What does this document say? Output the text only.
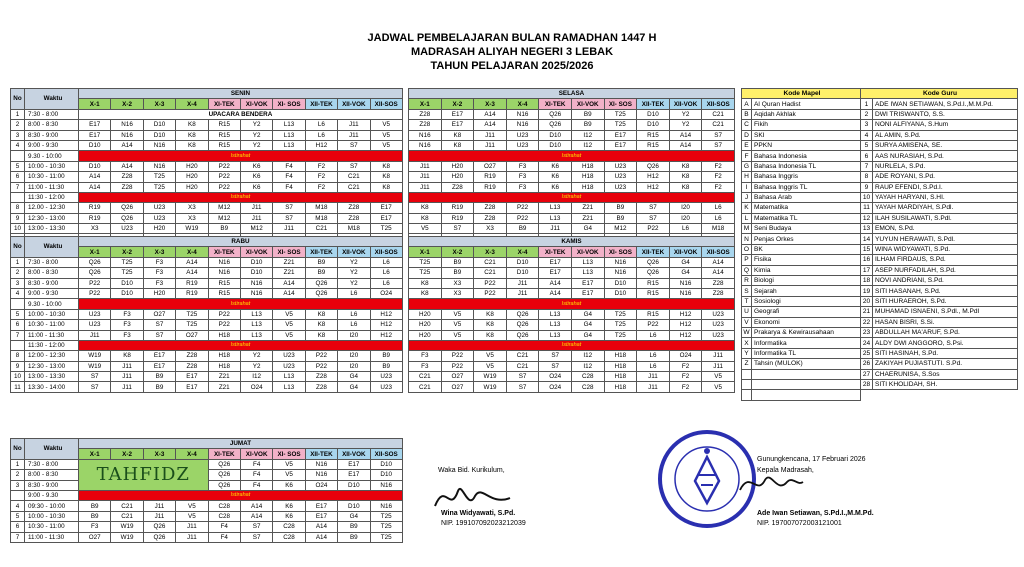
JADWAL PEMBELAJARAN BULAN RAMADHAN 1447 H
MADRASAH ALIYAH NEGERI 3 LEBAK
TAHUN PELAJARAN 2025/2026
No	Waktu	SENIN									
		X-1	X-2	X-3	X-4	XI-TEK	XI-VOK	XI- SOS	XII-TEK	XII-VOK	XII-SOS
1	7:30 - 8:00	UPACARA BENDERA									
2	8:00 - 8:30	E17	N16	D10	K8	R15	Y2	L13	L6	J11	V5
3	8:30 - 9:00	E17	N16	D10	K8	R15	Y2	L13	L6	J11	V5
4	9:00 - 9:30	D10	A14	N16	K8	R15	Y2	L13	H12	S7	V5
	9.30 - 10:00	Istirahat									
5	10:00 - 10:30	D10	A14	N16	H20	P22	K6	F4	F2	S7	K8
6	10:30 - 11:00	A14	Z28	T25	H20	P22	K6	F4	F2	C21	K8
7	11:00 - 11:30	A14	Z28	T25	H20	P22	K6	F4	F2	C21	K8
	11:30 - 12:00	Istirahat									
8	12.00 - 12:30	R19	Q26	U23	X3	M12	J11	S7	M18	Z28	E17
9	12:30 - 13:00	R19	Q26	U23	X3	M12	J11	S7	M18	Z28	E17
10	13:00 - 13:30	X3	U23	H20	W19	B9	M12	J11	C21	M18	T25

SELASA									
X-1	X-2	X-3	X-4	XI-TEK	XI-VOK	XI- SOS	XII-TEK	XII-VOK	XII-SOS
Z28	E17	A14	N16	Q26	B9	T25	D10	Y2	C21
Z28	E17	A14	N16	Q26	B9	T25	D10	Y2	C21
N16	K8	J11	U23	D10	I12	E17	R15	A14	S7
N16	K8	J11	U23	D10	I12	E17	R15	A14	S7
Istirahat									
J11	H20	O27	F3	K6	H18	U23	Q26	K8	F2
J11	H20	R19	F3	K6	H18	U23	H12	K8	F2
J11	Z28	R19	F3	K6	H18	U23	H12	K8	F2
Istirahat									
K8	R19	Z28	P22	L13	Z21	B9	S7	I20	L6
K8	R19	Z28	P22	L13	Z21	B9	S7	I20	L6
V5	S7	X3	B9	J11	G4	M12	P22	L6	M18

No	Waktu	RABU									
		X-1	X-2	X-3	X-4	XI-TEK	XI-VOK	XI- SOS	XII-TEK	XII-VOK	XII-SOS
1	7:30 - 8:00	Q26	T25	F3	A14	N16	D10	Z21	B9	Y2	L6
2	8:00 - 8:30	Q26	T25	F3	A14	N16	D10	Z21	B9	Y2	L6
3	8:30 - 9:00	P22	D10	F3	R19	R15	N16	A14	Q26	Y2	L6
4	9:00 - 9:30	P22	D10	H20	R19	R15	N16	A14	Q26	L6	O24
	9.30 - 10:00	Istirahat									
5	10:00 - 10:30	U23	F3	O27	T25	P22	L13	V5	K8	L6	H12
6	10:30 - 11:00	U23	F3	S7	T25	P22	L13	V5	K8	L6	H12
7	11:00 - 11:30	J11	F3	S7	O27	H18	L13	V5	K8	I20	H12
	11:30 - 12:00	Istirahat									
8	12:00 - 12:30	W19	K8	E17	Z28	H18	Y2	U23	P22	I20	B9
9	12:30 - 13:00	W19	J11	E17	Z28	H18	Y2	U23	P22	I20	B9
10	13:00 - 13:30	S7	J11	B9	E17	Z21	I12	L13	Z28	G4	U23
11	13:30 - 14:00	S7	J11	B9	E17	Z21	O24	L13	Z28	G4	U23
KAMIS									
X-1	X-2	X-3	X-4	XI-TEK	XI-VOK	XI- SOS	XII-TEK	XII-VOK	XII-SOS
T25	B9	C21	D10	E17	L13	N16	Q26	G4	A14
T25	B9	C21	D10	E17	L13	N16	Q26	G4	A14
K8	X3	P22	J11	A14	E17	D10	R15	N16	Z28
K8	X3	P22	J11	A14	E17	D10	R15	N16	Z28
Istirahat									
H20	V5	K8	Q26	L13	G4	T25	R15	H12	U23
H20	V5	K8	Q26	L13	G4	T25	P22	H12	U23
H20	V5	K8	Q26	L13	G4	T25	L6	H12	U23
Istirahat									
F3	P22	V5	C21	S7	I12	H18	L6	O24	J11
F3	P22	V5	C21	S7	I12	H18	L6	F2	J11
C21	O27	W19	S7	O24	C28	H18	J11	F2	V5
C21	O27	W19	S7	O24	C28	H18	J11	F2	V5
No	Waktu	JUMAT									
		X-1	X-2	X-3	X-4	XI-TEK	XI-VOK	XI- SOS	XII-TEK	XII-VOK	XII-SOS
1	7:30 - 8:00	TAHFIDZ				Q26	F4	V5	N16	E17	D10
2	8:00 - 8:30					Q26	F4	V5	N16	E17	D10
3	8:30 - 9:00					Q26	F4	K6	O24	D10	N16
	9:00 - 9.30	Istirahat									
4	09:30 - 10:00	B9	C21	J11	V5	C28	A14	K6	E17	D10	N16
5	10:00 - 10:30	B9	C21	J11	V5	C28	A14	K6	E17	G4	T25
6	10:30 - 11:00	F3	W19	Q26	J11	F4	S7	C28	A14	B9	T25
7	11:00 - 11:30	O27	W19	Q26	J11	F4	S7	C28	A14	B9	T25
Kode Mapel	
A	Al Quran Hadist
B	Aqidah Akhlak
C	Fikih
D	SKI
E	PPKN
F	Bahasa Indonesia
G	Bahasa Indonesia TL
H	Bahasa Inggris
I	Bahasa Inggris TL
J	Bahasa Arab
K	Matematika
L	Matematika TL
M	Seni Budaya
N	Penjas Orkes
O	BK
P	Fisika
Q	Kimia
R	Biologi
S	Sejarah
T	Sosiologi
U	Geografi
V	Ekonomi
W	Prakarya & Kewirausahaan
X	Informatika
Y	Informatika TL
Z	Tahsin (MULOK)

Kode Guru	
1	ADE IWAN SETIAWAN, S.Pd.I.,M.M.Pd.
2	DWI TRISWANTO, S.S.
3	NONI ALFIYANA, S.Hum
4	AL AMIN, S.Pd.
5	SURYA AMISENA, SE.
6	AAS NURASIAH, S.Pd.
7	NURLELA, S.Pd.
8	ADE ROYANI, S.Pd.
9	RAUP EFENDI, S.Pd.I.
10	YAYAH HARYANI, S.HI.
11	YAYAH MARDIYAH, S.Pdl.
12	ILAH SUSILAWATI, S.Pdl.
13	EMON, S.Pd.
14	YUYUN HERAWATI, S.Pdl.
15	WINA WIDYAWATI, S.Pd.
16	ILHAM FIRDAUS, S.Pd.
17	ASEP NURFADILAH, S.Pd.
18	NOVI ANDRIANI, S.Pd.
19	SITI HASANAH, S.Pd.
20	SITI HURAEROH, S.Pd.
21	MUHAMAD ISNAENI, S.Pdl., M.Pdl
22	HASAN BISRI, S.Si.
23	ABDULLAH MA'ARUF, S.Pd.
24	ALDY DWI ANGGORO, S.Psi.
25	SITI HASINAH, S.Pd.
26	ZAKIYAH PUJIASTUTI. S.Pd.
27	CHAERUNISA, S.Sos
28	SITI KHOLIDAH, SH.
Waka Bid. Kurikulum,
Wina Widyawati, S.Pd.
NIP. 199107092023212039
Gunungkencana, 17 Februari 2026
Kepala Madrasah,
Ade Iwan Setiawan, S.Pd.I.,M.M.Pd.
NIP. 197007072003121001
